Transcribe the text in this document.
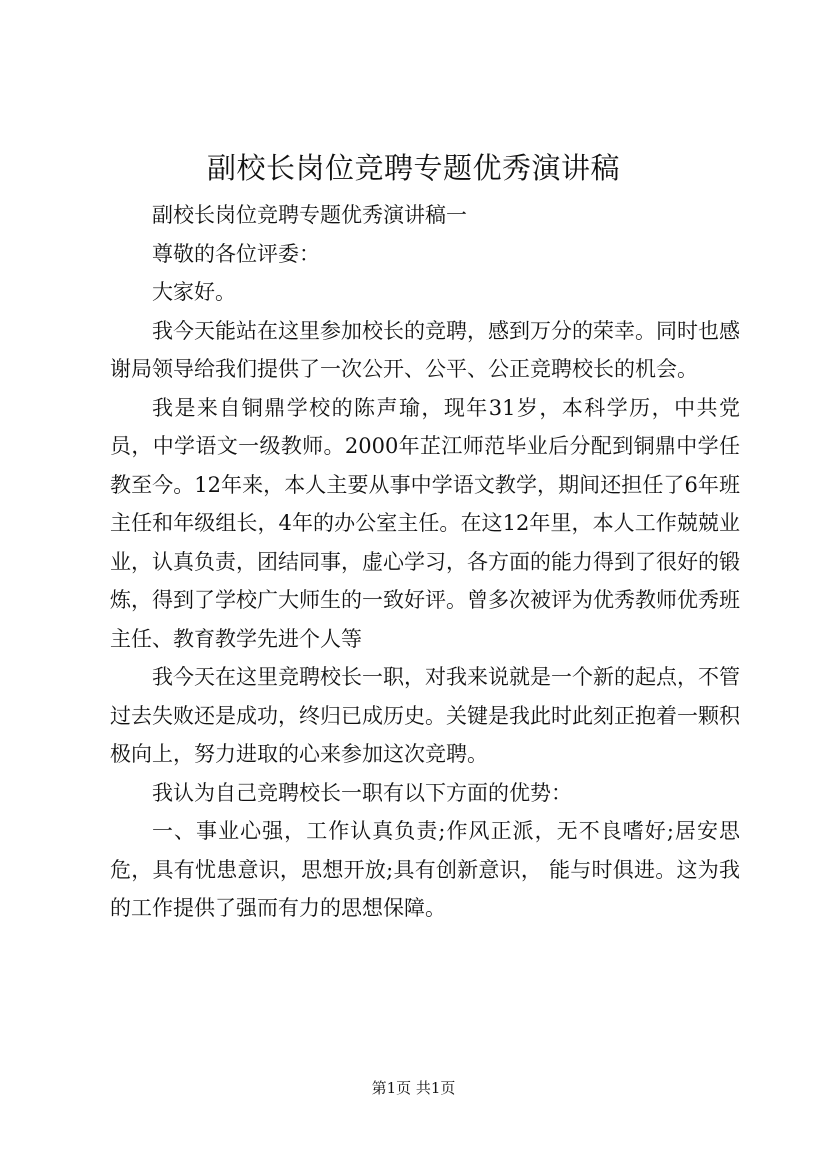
副校长岗位竞聘专题优秀演讲稿

副校长岗位竞聘专题优秀演讲稿一

尊敬的各位评委：

大家好。

我今天能站在这里参加校长的竞聘，感到万分的荣幸。同时也感谢局领导给我们提供了一次公开、公平、公正竞聘校长的机会。

我是来自铜鼎学校的陈声瑜，现年31岁，本科学历，中共党员，中学语文一级教师。2000年芷江师范毕业后分配到铜鼎中学任教至今。12年来，本人主要从事中学语文教学，期间还担任了6年班主任和年级组长，4年的办公室主任。在这12年里，本人工作兢兢业业，认真负责，团结同事，虚心学习，各方面的能力得到了很好的锻炼，得到了学校广大师生的一致好评。曾多次被评为优秀教师优秀班主任、教育教学先进个人等

我今天在这里竞聘校长一职，对我来说就是一个新的起点，不管过去失败还是成功，终归已成历史。关键是我此时此刻正抱着一颗积极向上，努力进取的心来参加这次竞聘。

我认为自己竞聘校长一职有以下方面的优势：

一、事业心强，工作认真负责;作风正派，无不良嗜好;居安思危，具有忧患意识，思想开放;具有创新意识， 能与时俱进。这为我的工作提供了强而有力的思想保障。

第1页 共1页
